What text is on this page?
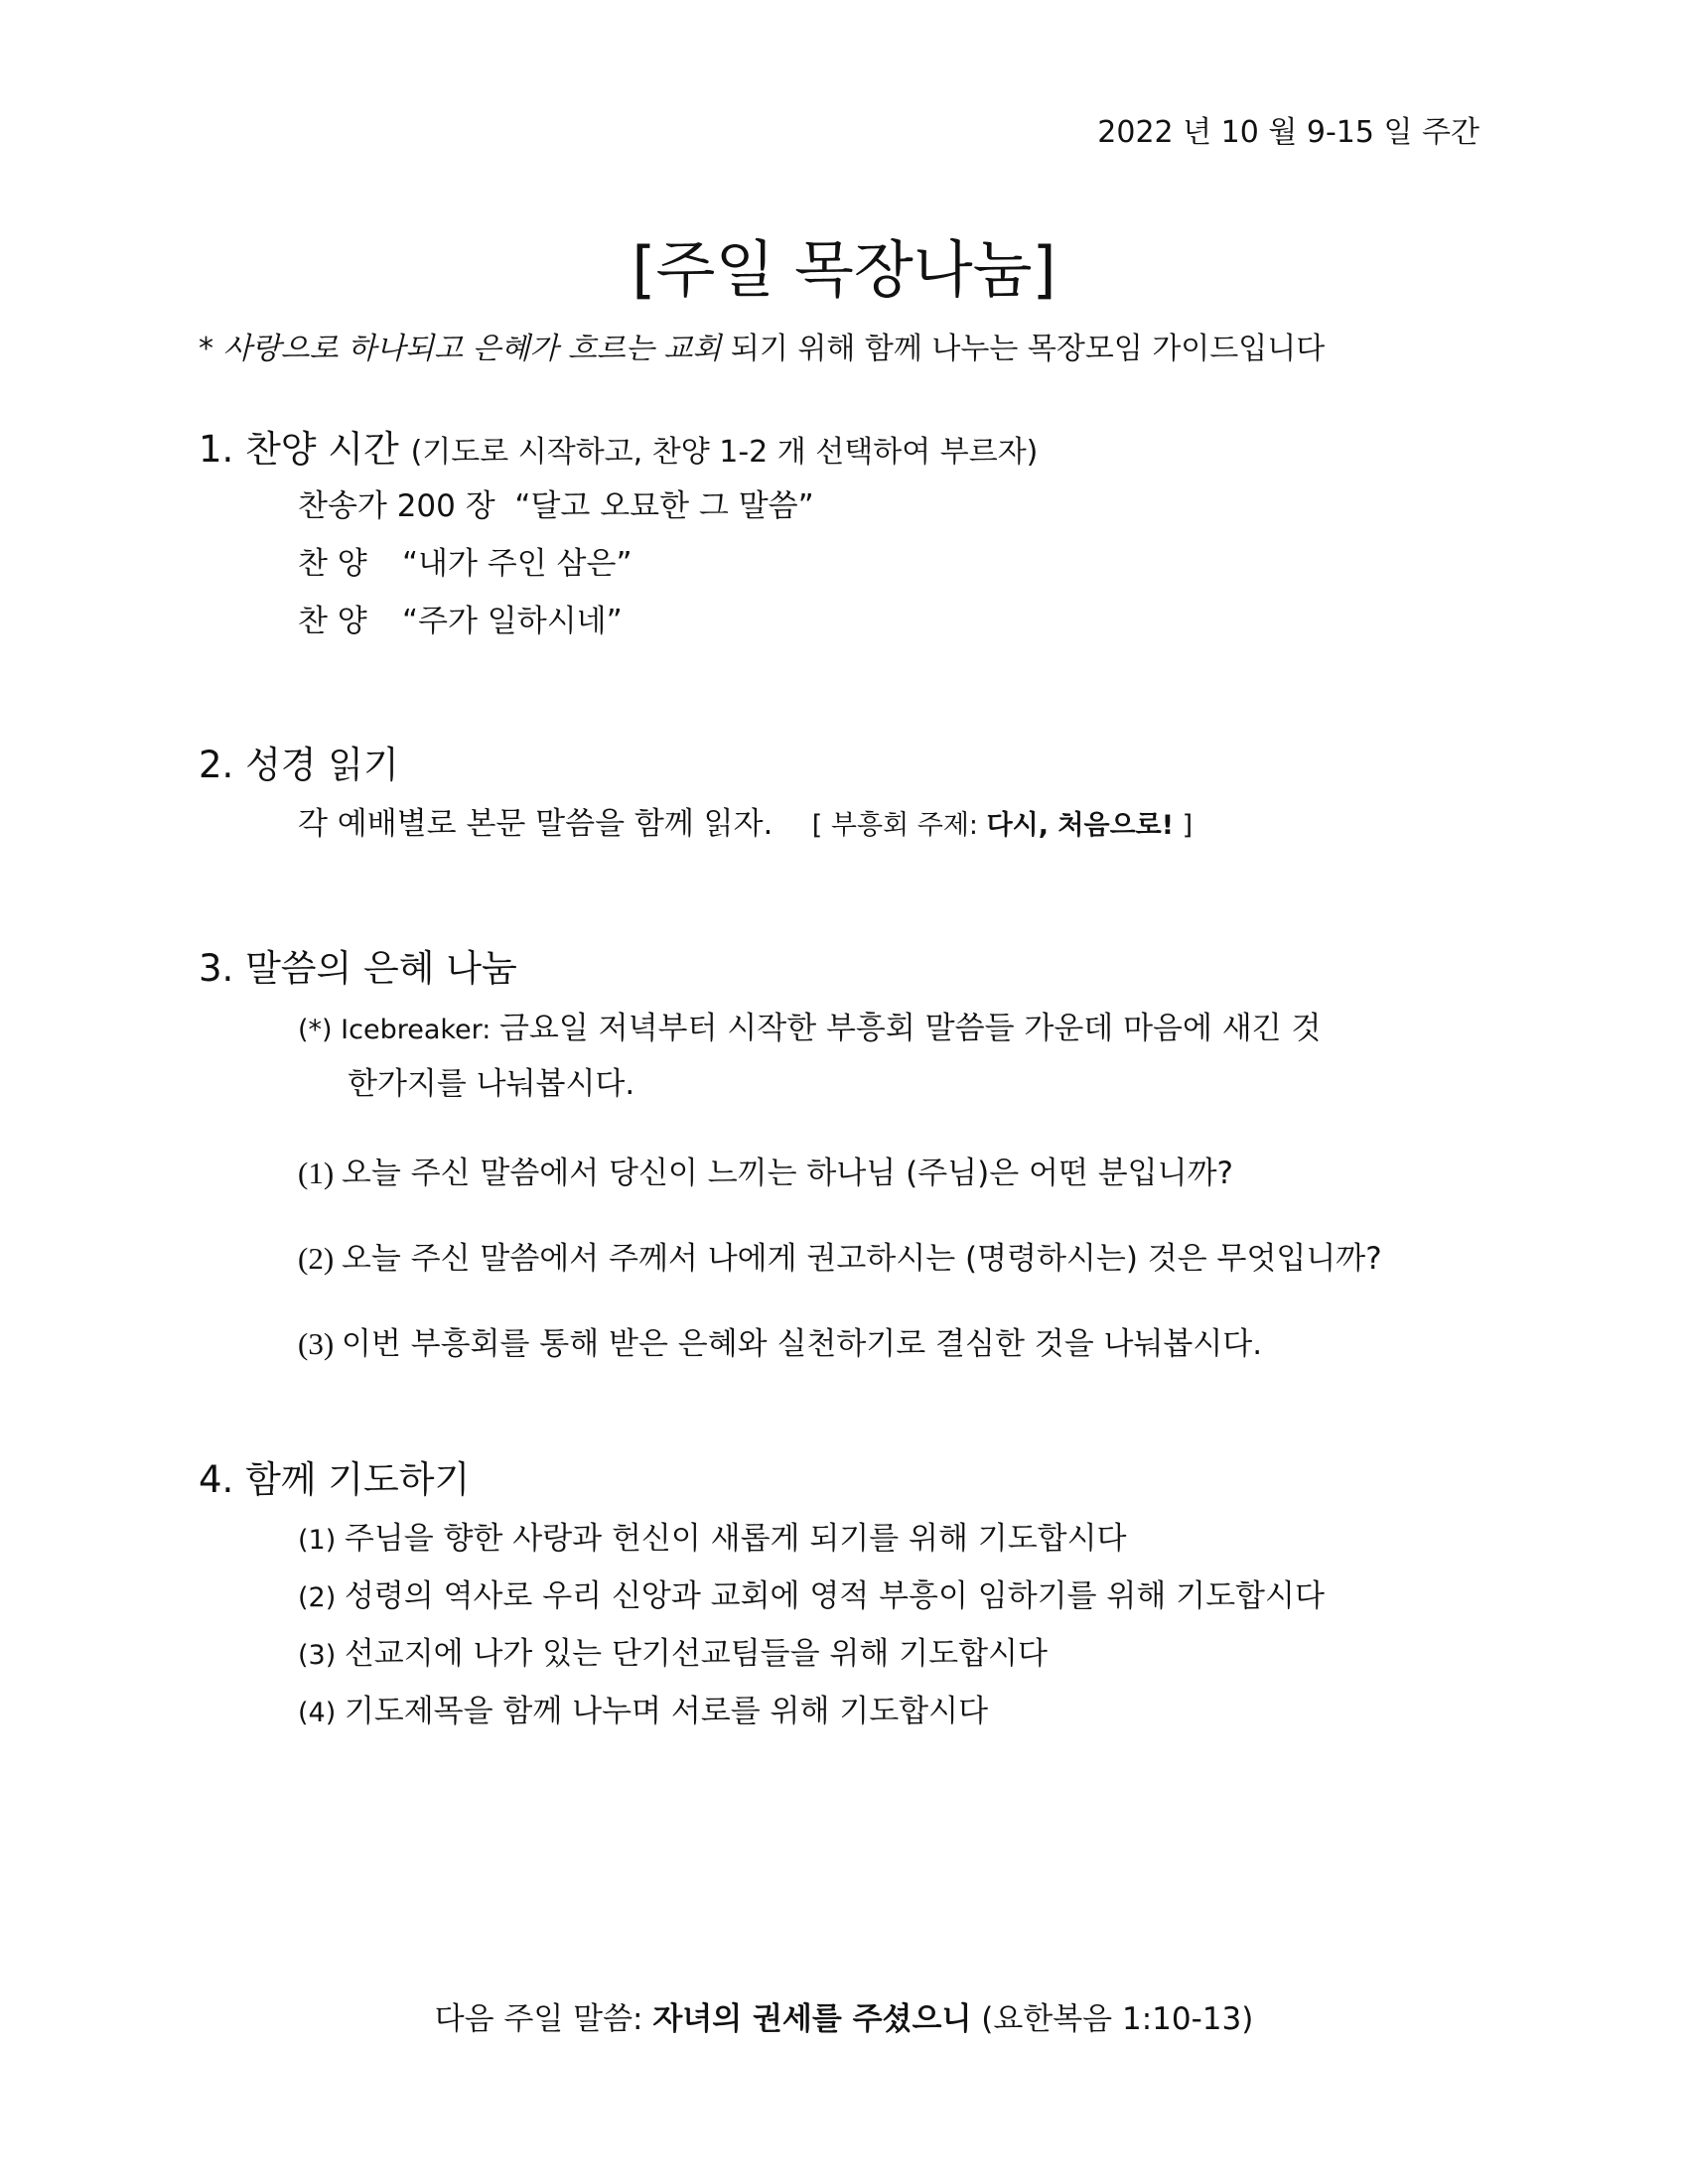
2022 년 10 월 9-15 일 주간
[주일 목장나눔]
* 사랑으로 하나되고 은혜가 흐르는 교회 되기 위해 함께 나누는 목장모임 가이드입니다
1. 찬양 시간 (기도로 시작하고, 찬양 1-2 개 선택하여 부르자)
찬송가 200 장 “달고 오묘한 그 말씀”
찬 양 “내가 주인 삼은”
찬 양 “주가 일하시네”
2. 성경 읽기
각 예배별로 본문 말씀을 함께 읽자. [ 부흥회 주제: 다시, 처음으로! ]
3. 말씀의 은혜 나눔
(*) Icebreaker: 금요일 저녁부터 시작한 부흥회 말씀들 가운데 마음에 새긴 것
한가지를 나눠봅시다.
(1) 오늘 주신 말씀에서 당신이 느끼는 하나님 (주님)은 어떤 분입니까?
(2) 오늘 주신 말씀에서 주께서 나에게 권고하시는 (명령하시는) 것은 무엇입니까?
(3) 이번 부흥회를 통해 받은 은혜와 실천하기로 결심한 것을 나눠봅시다.
4. 함께 기도하기
(1) 주님을 향한 사랑과 헌신이 새롭게 되기를 위해 기도합시다
(2) 성령의 역사로 우리 신앙과 교회에 영적 부흥이 임하기를 위해 기도합시다
(3) 선교지에 나가 있는 단기선교팀들을 위해 기도합시다
(4) 기도제목을 함께 나누며 서로를 위해 기도합시다
다음 주일 말씀: 자녀의 권세를 주셨으니 (요한복음 1:10-13)
